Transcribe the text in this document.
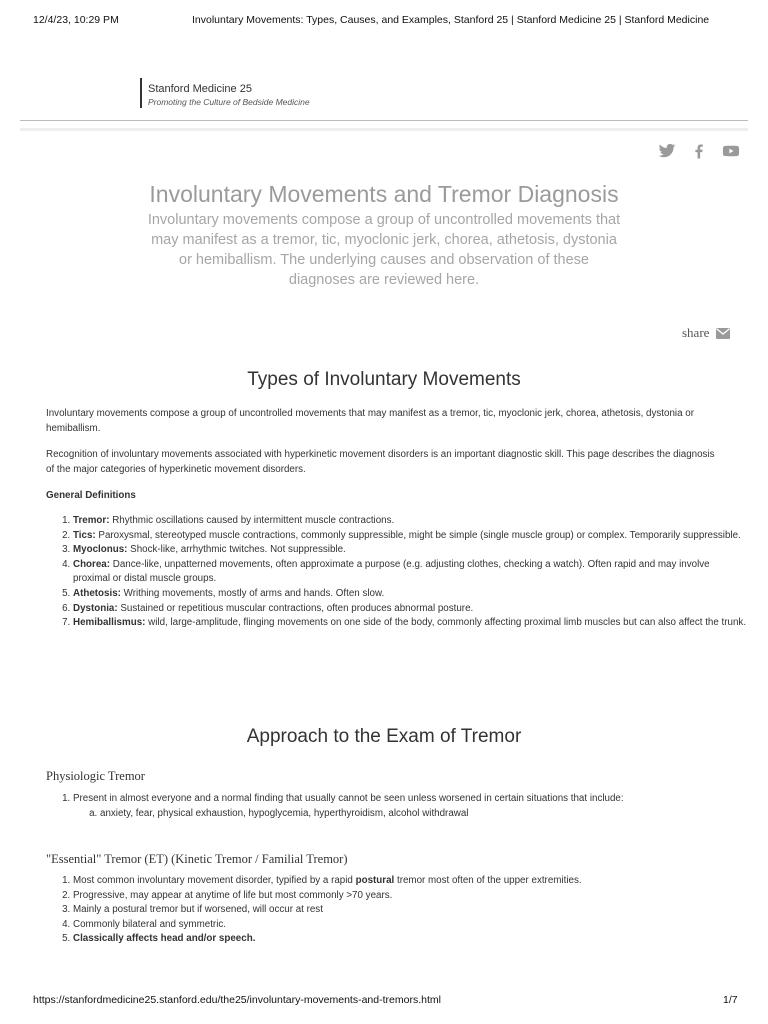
12/4/23, 10:29 PM	Involuntary Movements: Types, Causes, and Examples, Stanford 25 | Stanford Medicine 25 | Stanford Medicine
Stanford Medicine 25
Promoting the Culture of Bedside Medicine
Involuntary Movements and Tremor Diagnosis

Involuntary movements compose a group of uncontrolled movements that may manifest as a tremor, tic, myoclonic jerk, chorea, athetosis, dystonia or hemiballism. The underlying causes and observation of these diagnoses are reviewed here.

share
Types of Involuntary Movements

Involuntary movements compose a group of uncontrolled movements that may manifest as a tremor, tic, myoclonic jerk, chorea, athetosis, dystonia or hemiballism.

Recognition of involuntary movements associated with hyperkinetic movement disorders is an important diagnostic skill. This page describes the diagnosis of the major categories of hyperkinetic movement disorders.

General Definitions

1. Tremor: Rhythmic oscillations caused by intermittent muscle contractions.
2. Tics: Paroxysmal, stereotyped muscle contractions, commonly suppressible, might be simple (single muscle group) or complex. Temporarily suppressible.
3. Myoclonus: Shock-like, arrhythmic twitches. Not suppressible.
4. Chorea: Dance-like, unpatterned movements, often approximate a purpose (e.g. adjusting clothes, checking a watch). Often rapid and may involve proximal or distal muscle groups.
5. Athetosis: Writhing movements, mostly of arms and hands. Often slow.
6. Dystonia: Sustained or repetitious muscular contractions, often produces abnormal posture.
7. Hemiballismus: wild, large-amplitude, flinging movements on one side of the body, commonly affecting proximal limb muscles but can also affect the trunk.
Approach to the Exam of Tremor
Physiologic Tremor
1. Present in almost everyone and a normal finding that usually cannot be seen unless worsened in certain situations that include:
a. anxiety, fear, physical exhaustion, hypoglycemia, hyperthyroidism, alcohol withdrawal
"Essential" Tremor (ET) (Kinetic Tremor / Familial Tremor)
1. Most common involuntary movement disorder, typified by a rapid postural tremor most often of the upper extremities.
2. Progressive, may appear at anytime of life but most commonly >70 years.
3. Mainly a postural tremor but if worsened, will occur at rest
4. Commonly bilateral and symmetric.
5. Classically affects head and/or speech.
https://stanfordmedicine25.stanford.edu/the25/involuntary-movements-and-tremors.html	1/7
